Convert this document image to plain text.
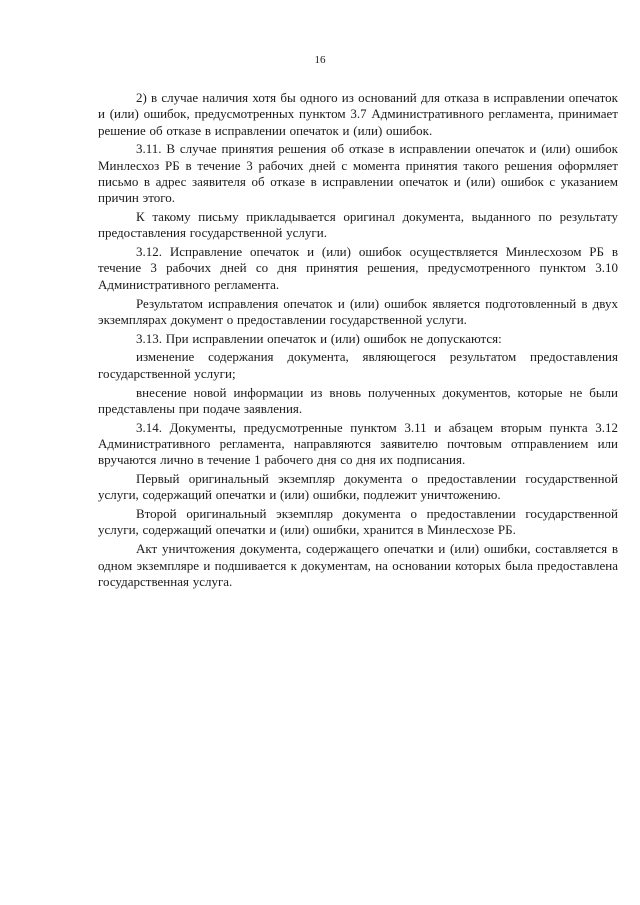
16

2) в случае наличия хотя бы одного из оснований для отказа в исправлении опечаток и (или) ошибок, предусмотренных пунктом 3.7 Административного регламента, принимает решение об отказе в исправлении опечаток и (или) ошибок.

3.11. В случае принятия решения об отказе в исправлении опечаток и (или) ошибок Минлесхоз РБ в течение 3 рабочих дней с момента принятия такого решения оформляет письмо в адрес заявителя об отказе в исправлении опечаток и (или) ошибок с указанием причин этого.

К такому письму прикладывается оригинал документа, выданного по результату предоставления государственной услуги.

3.12. Исправление опечаток и (или) ошибок осуществляется Минлесхозом РБ в течение 3 рабочих дней со дня принятия решения, предусмотренного пунктом 3.10 Административного регламента.

Результатом исправления опечаток и (или) ошибок является подготовленный в двух экземплярах документ о предоставлении государственной услуги.

3.13. При исправлении опечаток и (или) ошибок не допускаются:

изменение содержания документа, являющегося результатом предоставления государственной услуги;

внесение новой информации из вновь полученных документов, которые не были представлены при подаче заявления.

3.14. Документы, предусмотренные пунктом 3.11 и абзацем вторым пункта 3.12 Административного регламента, направляются заявителю почтовым отправлением или вручаются лично в течение 1 рабочего дня со дня их подписания.

Первый оригинальный экземпляр документа о предоставлении государственной услуги, содержащий опечатки и (или) ошибки, подлежит уничтожению.

Второй оригинальный экземпляр документа о предоставлении государственной услуги, содержащий опечатки и (или) ошибки, хранится в Минлесхозе РБ.

Акт уничтожения документа, содержащего опечатки и (или) ошибки, составляется в одном экземпляре и подшивается к документам, на основании которых была предоставлена государственная услуга.
